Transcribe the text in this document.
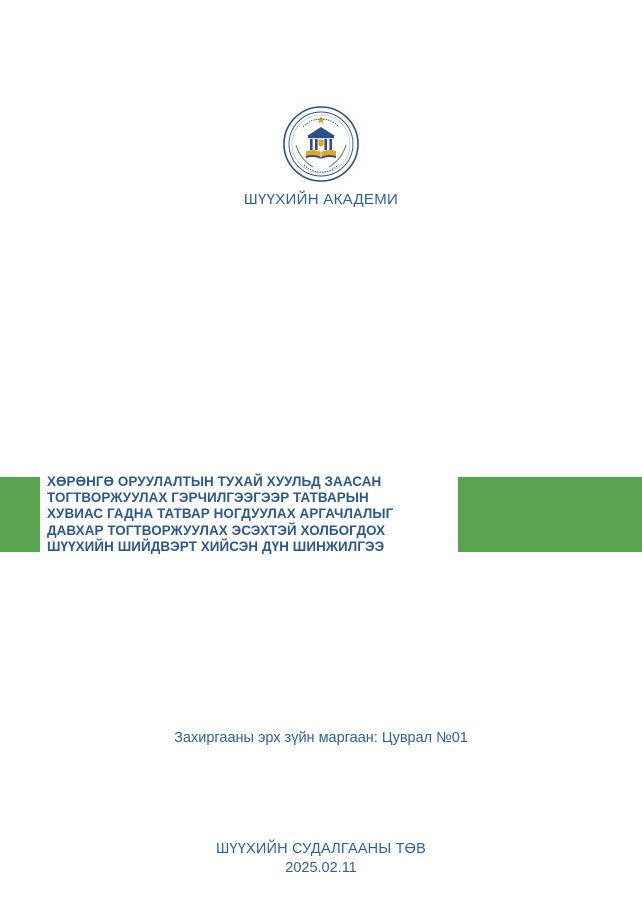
ШҮҮХИЙН АКАДЕМИ
ХӨРӨНГӨ ОРУУЛАЛТЫН ТУХАЙ ХУУЛЬД ЗААСАН
ТОГТВОРЖУУЛАХ ГЭРЧИЛГЭЭГЭЭР ТАТВАРЫН
ХУВИАС ГАДНА ТАТВАР НОГДУУЛАХ АРГАЧЛАЛЫГ
ДАВХАР ТОГТВОРЖУУЛАХ ЭСЭХТЭЙ ХОЛБОГДОХ
ШҮҮХИЙН ШИЙДВЭРТ ХИЙСЭН ДҮН ШИНЖИЛГЭЭ
Захиргааны эрх зүйн маргаан: Цуврал №01
ШҮҮХИЙН СУДАЛГААНЫ ТӨВ
2025.02.11
